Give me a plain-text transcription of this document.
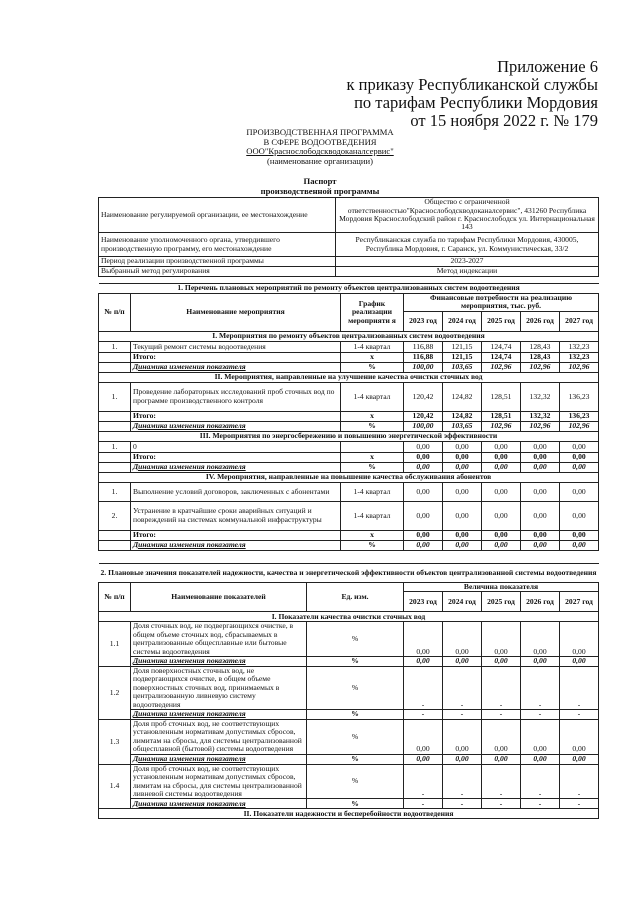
Приложение 6
к приказу Республиканской службы
по тарифам Республики Мордовия
от 15 ноября 2022 г. № 179
ПРОИЗВОДСТВЕННАЯ ПРОГРАММА
В СФЕРЕ ВОДООТВЕДЕНИЯ
ООО"Краснослободскводоканалсервис"
(наименование организации)
Паспорт
производственной программы
Наименование регулируемой организации, ее местонахождение	Общество с ограниченной ответственностью"Краснослободскводоканалсервис", 431260 Республика Мордовия Краснослободский район г. Краснослободск ул. Интернациональная 143
Наименование уполномоченного органа, утвердившего производственную программу, его местонахождение	Республиканская служба по тарифам Республики Мордовия, 430005, Республика Мордовия, г. Саранск, ул. Коммунистическая, 33/2
Период реализации производственной программы	2023-2027
Выбранный метод регулирования	Метод индексации
1. Перечень плановых мероприятий по ремонту объектов централизованных систем водоотведения							
№ п/п	Наименование мероприятия	График реализации мероприяти я	Финансовые потребности на реализацию мероприятия, тыс. руб.				
			2023 год	2024 год	2025 год	2026 год	2027 год
I. Мероприятия по ремонту объектов централизованных систем водоотведения							
1.	Текущий ремонт системы водоотведения	1-4 квартал	116,88	121,15	124,74	128,43	132,23
	Итого:	х	116,88	121,15	124,74	128,43	132,23
	Динамика изменения показателя	%	100,00	103,65	102,96	102,96	102,96
II. Мероприятия, направленные на улучшение качества очистки сточных вод							
1.	Проведение лабораторных исследований проб сточных вод по программе производственного контроля	1-4 квартал	120,42	124,82	128,51	132,32	136,23
	Итого:	х	120,42	124,82	128,51	132,32	136,23
	Динамика изменения показателя	%	100,00	103,65	102,96	102,96	102,96
III. Мероприятия по энергосбережению и повышению энергетической эффективности							
1.	0		0,00	0,00	0,00	0,00	0,00
	Итого:	х	0,00	0,00	0,00	0,00	0,00
	Динамика изменения показателя	%	0,00	0,00	0,00	0,00	0,00
IV. Мероприятия, направленные на повышение качества обслуживания абонентов							
1.	Выполнение условий договоров, заключенных с абонентами	1-4 квартал	0,00	0,00	0,00	0,00	0,00
2.	Устранение в кратчайшие сроки аварийных ситуаций и повреждений на системах коммунальной инфраструктуры	1-4 квартал	0,00	0,00	0,00	0,00	0,00
	Итого:	х	0,00	0,00	0,00	0,00	0,00
	Динамика изменения показателя	%	0,00	0,00	0,00	0,00	0,00
2. Плановые значения показателей надежности, качества и энергетической эффективности объектов централизованной системы водоотведения							
№ п/п	Наименование показателей	Ед. изм.	Величина показателя				
			2023 год	2024 год	2025 год	2026 год	2027 год
I. Показатели качества очистки сточных вод							
1.1	Доля сточных вод, не подвергающихся очистке, в общем объеме сточных вод, сбрасываемых в централизованные общесплавные или бытовые системы водоотведения	%	0,00	0,00	0,00	0,00	0,00
	Динамика изменения показателя	%	0,00	0,00	0,00	0,00	0,00
1.2	Доля поверхностных сточных вод, не подвергающихся очистке, в общем объеме поверхностных сточных вод, принимаемых в централизованную ливневую систему водоотведения	%	-	-	-	-	-
	Динамика изменения показателя	%	-	-	-	-	-
1.3	Доля проб сточных вод, не соответствующих установленным нормативам допустимых сбросов, лимитам на сбросы, для системы централизованной общесплавной (бытовой) системы водоотведения	%	0,00	0,00	0,00	0,00	0,00
	Динамика изменения показателя	%	0,00	0,00	0,00	0,00	0,00
1.4	Доля проб сточных вод, не соответствующих установленным нормативам допустимых сбросов, лимитам на сбросы, для системы централизованной ливневой системы водоотведения	%	-	-	-	-	-
	Динамика изменения показателя	%	-	-	-	-	-
II. Показатели надежности и бесперебойности водоотведения							
